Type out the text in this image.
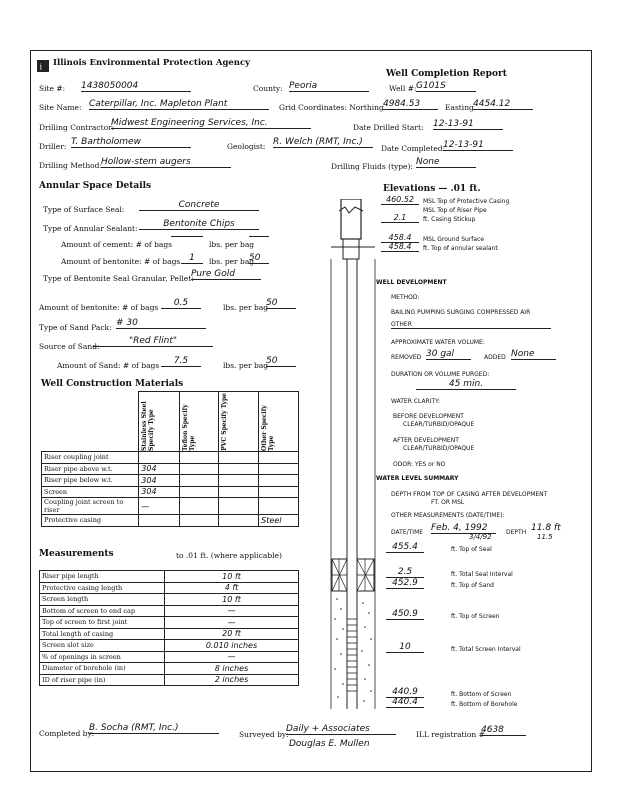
i Illinois Environmental Protection Agency
Well Completion Report
Site #: 1438050004	County: Peoria	Well #: G101S
Site Name: Caterpillar, Inc. Mapleton Plant	Grid Coordinates: Northing 4984.53	Easting 4454.12
Drilling Contractor:
Midwest Engineering Services, Inc.	Date Drilled Start: 12-13-91
Driller: T. Bartholomew	Geologist: R. Welch (RMT, Inc.)
Date Completed:
12-13-91
Drilling Method:
Hollow-stem augers	Drilling Fluids (type): None
Annular Space Details
Type of Surface Seal:	Concrete
Type of Annular Sealant:	Bentonite Chips
Amount of cement: # of bags	lbs. per bag
Amount of bentonite: # of bags 1	lbs. per bag
50
Type of Bentonite Seal Granular, Pellet:
Pure Gold
Amount of bentonite: # of bags	0.5	lbs. per bag
50
Type of Sand Pack: # 30
Source of Sand:
"Red Flint"
Amount of Sand: # of bags	7.5	lbs. per bag
50
Well Construction Materials

	Stainless Steel Specify Type	Teflon Specify Type	PVC Specify Type	Other Specify Type

Riser coupling joint				
Riser pipe above w.t.	304			
Riser pipe below w.t.	304			
Screen	304			
Coupling joint screen to riser	—			
Protective casing				Steel
Measurements	to .01 ft. (where applicable)
Riser pipe length	10 ft
Protective casing length	4 ft
Screen length	10 ft
Bottom of screen to end cap	—
Top of screen to first joint	—
Total length of casing	20 ft
Screen slot size	0.010 inches
% of openings in screen	—
Diameter of borehole (in)	8 inches
ID of riser pipe (in)	2 inches
Elevations — .01 ft.
460.52	MSL Top of Protective Casing
MSL Top of Riser Pipe
2.1	ft. Casing Stickup
458.4	MSL Ground Surface
458.4	ft. Top of annular sealant
WELL DEVELOPMENT
METHOD:
BAILING PUMPING SURGING COMPRESSED AIR
OTHER
APPROXIMATE WATER VOLUME:
REMOVED 30 gal	ADDED None
DURATION OR VOLUME PURGED:
45 min.
WATER CLARITY:
BEFORE DEVELOPMENT
CLEAR/TURBID/OPAQUE
AFTER DEVELOPMENT
CLEAR/TURBID/OPAQUE
ODOR: YES or NO
WATER LEVEL SUMMARY
DEPTH FROM TOP OF CASING AFTER DEVELOPMENT
FT. OR MSL
OTHER MEASUREMENTS (DATE/TIME):
DATE/TIME Feb. 4, 1992
3/4/92
DEPTH 11.8 ft
11.5
455.4	ft. Top of Seal
2.5	ft. Total Seal Interval
452.9	ft. Top of Sand
450.9	ft. Top of Screen
10	ft. Total Screen Interval
440.9	ft. Bottom of Screen
440.4	ft. Bottom of Borehole
Completed by:
B. Socha (RMT, Inc.)
Surveyed by:
Daily + Associates
Douglas E. Mullen
ILL registration #
4638
